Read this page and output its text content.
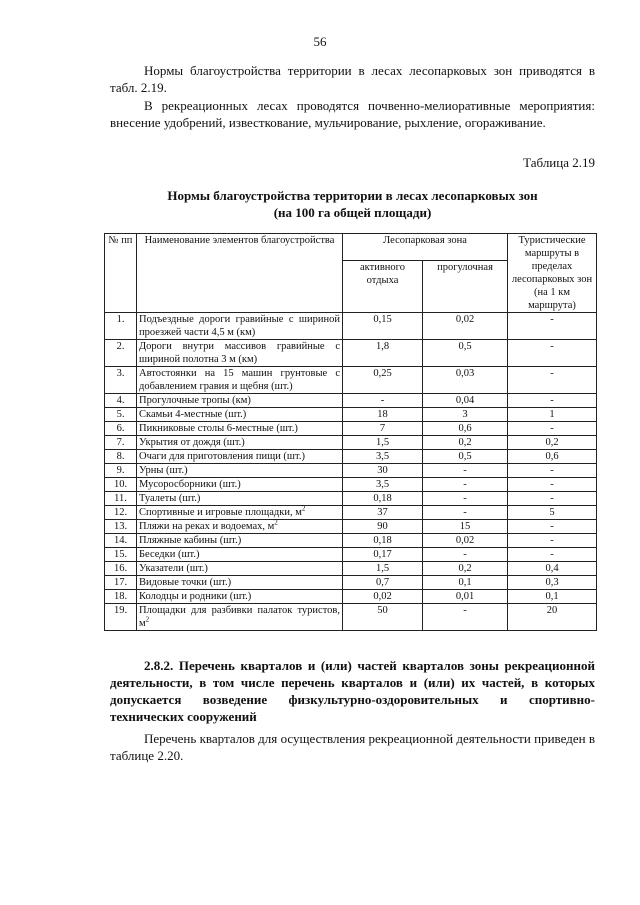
56

Нормы благоустройства территории в лесах лесопарковых зон приводятся в табл. 2.19.

В рекреационных лесах проводятся почвенно-мелиоративные мероприятия: внесение удобрений, известкование, мульчирование, рыхление, огораживание.

Таблица 2.19
Нормы благоустройства территории в лесах лесопарковых зон
(на 100 га общей площади)
№ пп	Наименование элементов благоустройства	Лесопарковая зона		Туристические маршруты в пределах лесопарковых зон (на 1 км маршрута)
		активного отдыха	прогулочная	
1.	Подъездные дороги гравийные с шириной проезжей части 4,5 м (км)	0,15	0,02	-
2.	Дороги внутри массивов гравийные с шириной полотна 3 м (км)	1,8	0,5	-
3.	Автостоянки на 15 машин грунтовые с добавлением гравия и щебня (шт.)	0,25	0,03	-
4.	Прогулочные тропы (км)	-	0,04	-
5.	Скамьи 4-местные (шт.)	18	3	1
6.	Пикниковые столы 6-местные (шт.)	7	0,6	-
7.	Укрытия от дождя (шт.)	1,5	0,2	0,2
8.	Очаги для приготовления пищи (шт.)	3,5	0,5	0,6
9.	Урны (шт.)	30	-	-
10.	Мусоросборники (шт.)	3,5	-	-
11.	Туалеты (шт.)	0,18	-	-
12.	Спортивные и игровые площадки, $м^2$	37	-	5
13.	Пляжи на реках и водоемах, $м^2$	90	15	-
14.	Пляжные кабины (шт.)	0,18	0,02	-
15.	Беседки (шт.)	0,17	-	-
16.	Указатели (шт.)	1,5	0,2	0,4
17.	Видовые точки (шт.)	0,7	0,1	0,3
18.	Колодцы и родники (шт.)	0,02	0,01	0,1
19.	Площадки для разбивки палаток туристов, $м^2$	50	-	20

2.8.2. Перечень кварталов и (или) частей кварталов зоны рекреационной деятельности, в том числе перечень кварталов и (или) их частей, в которых допускается возведение физкультурно-оздоровительных и спортивно-технических сооружений

Перечень кварталов для осуществления рекреационной деятельности приведен в таблице 2.20.
